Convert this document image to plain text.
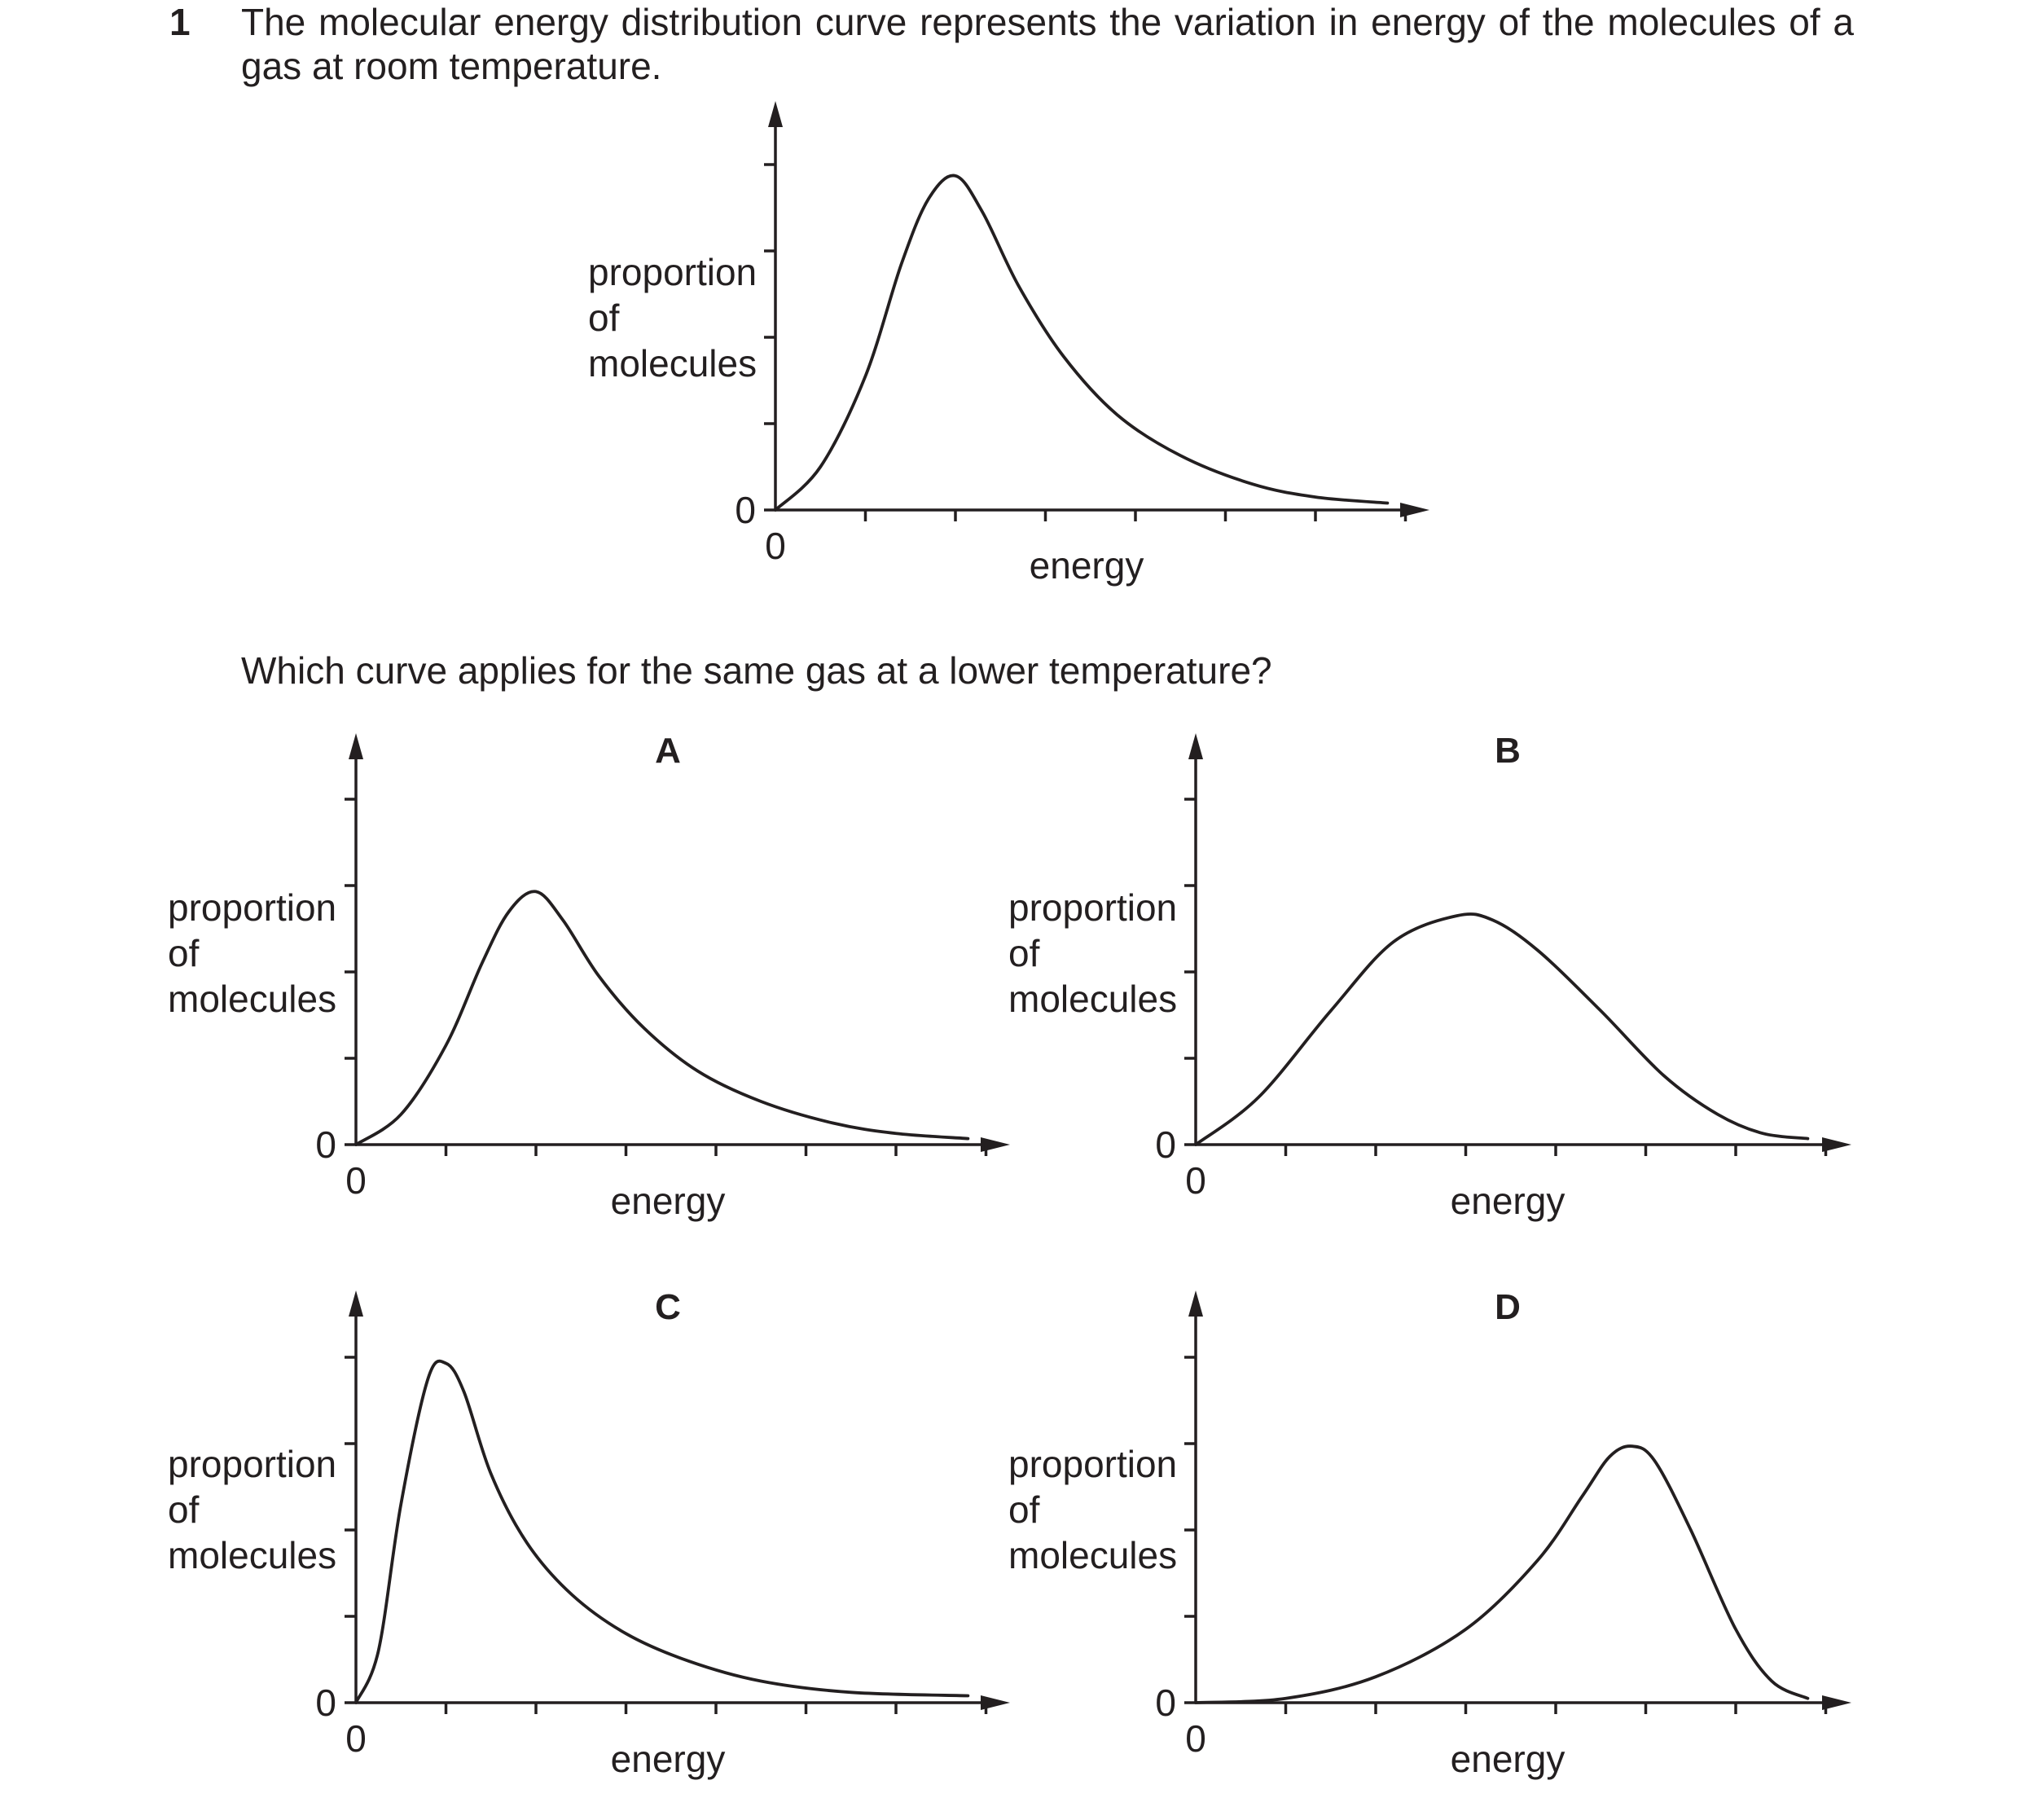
1 The molecular energy distribution curve represents the variation in energy of the molecules of a gas at room temperature.
Which curve applies for the same gas at a lower temperature?
0
0	energy
proportion
of
molecules
0
0	energy
proportion
of
molecules
A
0
0	energy
proportion
of
molecules
B
0
0	energy
proportion
of
molecules
C
0
0	energy
proportion
of
molecules
D
